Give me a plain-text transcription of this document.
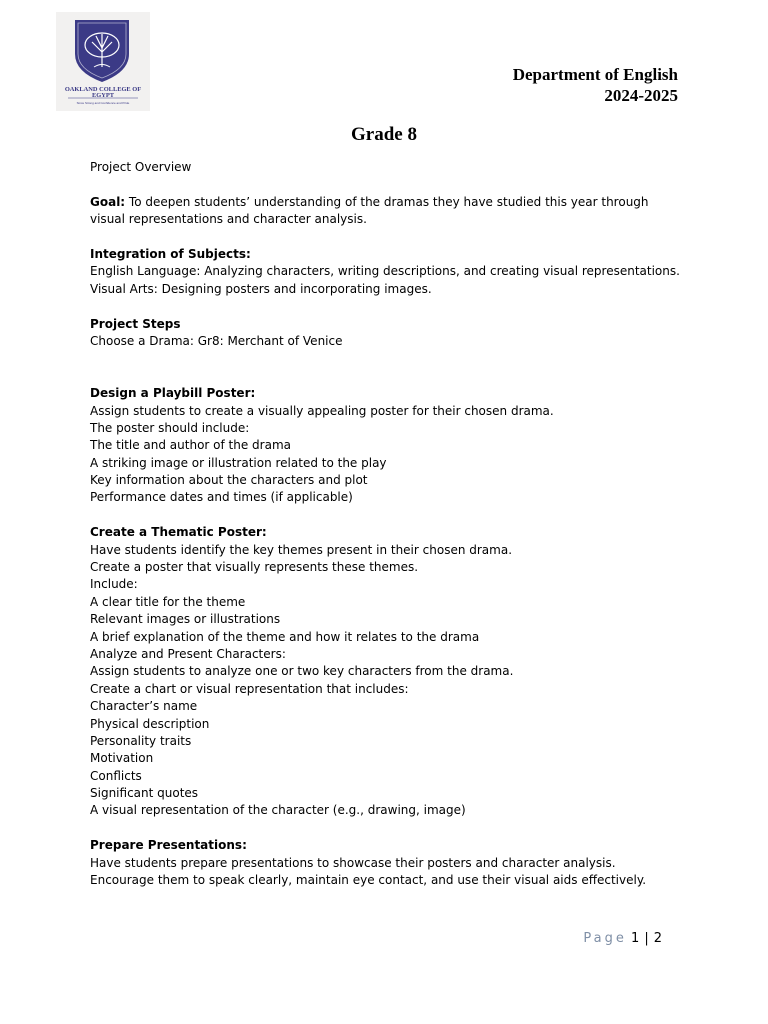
OAKLAND COLLEGE OF
EGYPT
Since Strong and Confidence and Pride
Department of English
2024-2025
Grade 8
Project Overview
Goal: To deepen students’ understanding of the dramas they have studied this year through visual representations and character analysis.
Integration of Subjects:
English Language: Analyzing characters, writing descriptions, and creating visual representations.
Visual Arts: Designing posters and incorporating images.
Project Steps
Choose a Drama: Gr8: Merchant of Venice
Design a Playbill Poster:
Assign students to create a visually appealing poster for their chosen drama.
The poster should include:
The title and author of the drama
A striking image or illustration related to the play
Key information about the characters and plot
Performance dates and times (if applicable)
Create a Thematic Poster:
Have students identify the key themes present in their chosen drama.
Create a poster that visually represents these themes.
Include:
A clear title for the theme
Relevant images or illustrations
A brief explanation of the theme and how it relates to the drama
Analyze and Present Characters:
Assign students to analyze one or two key characters from the drama.
Create a chart or visual representation that includes:
Character’s name
Physical description
Personality traits
Motivation
Conflicts
Significant quotes
A visual representation of the character (e.g., drawing, image)
Prepare Presentations:
Have students prepare presentations to showcase their posters and character analysis.
Encourage them to speak clearly, maintain eye contact, and use their visual aids effectively.
Page 1 | 2
